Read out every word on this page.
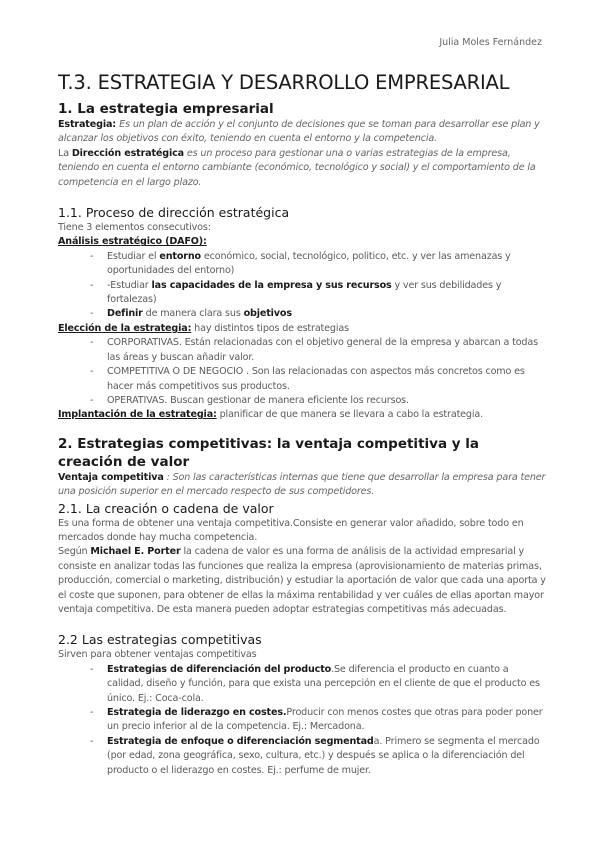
Julia Moles Fernández
T.3. ESTRATEGIA Y DESARROLLO EMPRESARIAL
1. La estrategia empresarial
Estrategia: Es un plan de acción y el conjunto de decisiones que se toman para desarrollar ese plan y alcanzar los objetivos con éxito, teniendo en cuenta el entorno y la competencia.
La Dirección estratégica es un proceso para gestionar una o varias estrategias de la empresa, teniendo en cuenta el entorno cambiante (económico, tecnológico y social) y el comportamiento de la competencia en el largo plazo.
1.1. Proceso de dirección estratégica
Tiene 3 elementos consecutivos:
Análisis estratégico (DAFO):
- Estudiar el entorno económico, social, tecnológico, politico, etc. y ver las amenazas y oportunidades del entorno)
- -Estudiar las capacidades de la empresa y sus recursos y ver sus debilidades y fortalezas)
- Definir de manera clara sus objetivos
Elección de la estrategia: hay distintos tipos de estrategias
- CORPORATIVAS. Están relacionadas con el objetivo general de la empresa y abarcan a todas las áreas y buscan añadir valor.
- COMPETITIVA O DE NEGOCIO . Son las relacionadas con aspectos más concretos como es hacer más competitivos sus productos.
- OPERATIVAS. Buscan gestionar de manera eficiente los recursos.
Implantación de la estrategia: planificar de que manera se llevara a cabo la estrategia.
2. Estrategias competitivas: la ventaja competitiva y la creación de valor
Ventaja competitiva : Son las características internas que tiene que desarrollar la empresa para tener una posición superior en el mercado respecto de sus competidores.
2.1. La creación o cadena de valor
Es una forma de obtener una ventaja competitiva.Consiste en generar valor añadido, sobre todo en mercados donde hay mucha competencia.
Según Michael E. Porter la cadena de valor es una forma de análisis de la actividad empresarial y consiste en analizar todas las funciones que realiza la empresa (aprovisionamiento de materias primas, producción, comercial o marketing, distribución) y estudiar la aportación de valor que cada una aporta y el coste que suponen, para obtener de ellas la máxima rentabilidad y ver cuáles de ellas aportan mayor ventaja competitiva. De esta manera pueden adoptar estrategias competitivas más adecuadas.
2.2 Las estrategias competitivas
Sirven para obtener ventajas competitivas
- Estrategias de diferenciación del producto.Se diferencia el producto en cuanto a calidad, diseño y función, para que exista una percepción en el cliente de que el producto es único. Ej.: Coca-cola.
- Estrategia de liderazgo en costes.Producir con menos costes que otras para poder poner un precio inferior al de la competencia. Ej.: Mercadona.
- Estrategia de enfoque o diferenciación segmentada. Primero se segmenta el mercado (por edad, zona geográfica, sexo, cultura, etc.) y después se aplica o la diferenciación del producto o el liderazgo en costes. Ej.: perfume de mujer.
